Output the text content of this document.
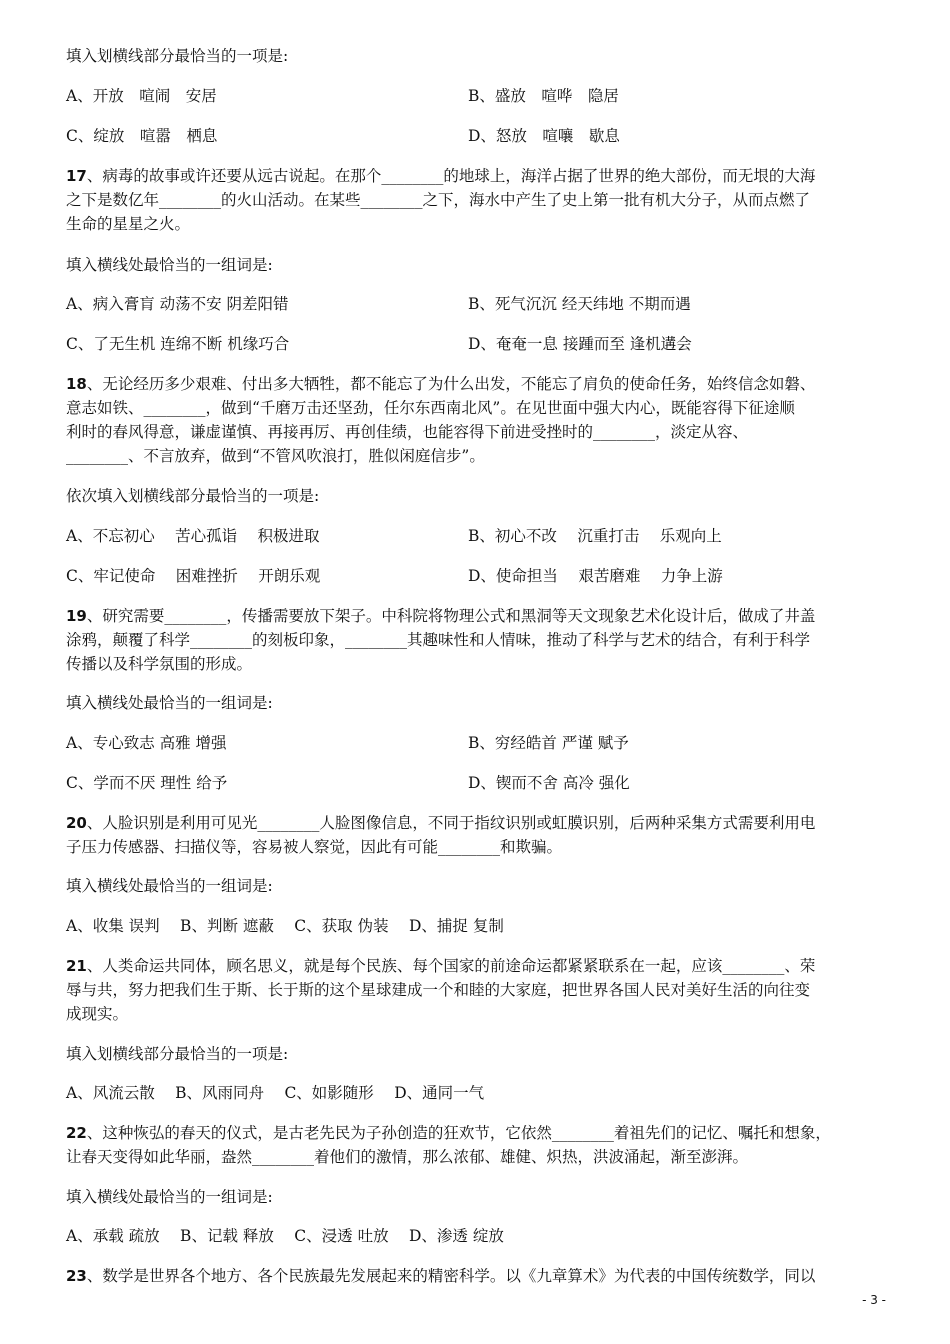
填入划横线部分最恰当的一项是:
A、开放　喧闹　安居	B、盛放　喧哗　隐居
C、绽放　喧嚣　栖息	D、怒放　喧嚷　歇息
17、病毒的故事或许还要从远古说起。在那个________的地球上，海洋占据了世界的绝大部份，而无垠的大海
之下是数亿年________的火山活动。在某些________之下，海水中产生了史上第一批有机大分子，从而点燃了
生命的星星之火。
填入横线处最恰当的一组词是:
A、病入膏肓 动荡不安 阴差阳错	B、死气沉沉 经天纬地 不期而遇
C、了无生机 连绵不断 机缘巧合	D、奄奄一息 接踵而至 逢机遘会
18、无论经历多少艰难、付出多大牺牲，都不能忘了为什么出发，不能忘了肩负的使命任务，始终信念如磐、
意志如铁、________，做到“千磨万击还坚劲，任尔东西南北风”。在见世面中强大内心，既能容得下征途顺
利时的春风得意，谦虚谨慎、再接再厉、再创佳绩，也能容得下前进受挫时的________，淡定从容、
________、不言放弃，做到“不管风吹浪打，胜似闲庭信步”。
依次填入划横线部分最恰当的一项是:
A、不忘初心　 苦心孤诣　 积极进取	B、初心不改　 沉重打击　 乐观向上
C、牢记使命　 困难挫折　 开朗乐观	D、使命担当　 艰苦磨难　 力争上游
19、研究需要________，传播需要放下架子。中科院将物理公式和黑洞等天文现象艺术化设计后，做成了井盖
涂鸦，颠覆了科学________的刻板印象，________其趣味性和人情味，推动了科学与艺术的结合，有利于科学
传播以及科学氛围的形成。
填入横线处最恰当的一组词是:
A、专心致志 高雅 增强	B、穷经皓首 严谨 赋予
C、学而不厌 理性 给予	D、锲而不舍 高冷 强化
20、人脸识别是利用可见光________人脸图像信息，不同于指纹识别或虹膜识别，后两种采集方式需要利用电
子压力传感器、扫描仪等，容易被人察觉，因此有可能________和欺骗。
填入横线处最恰当的一组词是:
A、收集 误判　 B、判断 遮蔽　 C、获取 伪装　 D、捕捉 复制
21、人类命运共同体，顾名思义，就是每个民族、每个国家的前途命运都紧紧联系在一起，应该________、荣
辱与共，努力把我们生于斯、长于斯的这个星球建成一个和睦的大家庭，把世界各国人民对美好生活的向往变
成现实。
填入划横线部分最恰当的一项是:
A、风流云散　 B、风雨同舟　 C、如影随形　 D、通同一气
22、这种恢弘的春天的仪式，是古老先民为子孙创造的狂欢节，它依然________着祖先们的记忆、嘱托和想象，
让春天变得如此华丽，盎然________着他们的激情，那么浓郁、雄健、炽热，洪波涌起，渐至澎湃。
填入横线处最恰当的一组词是:
A、承载 疏放　 B、记载 释放　 C、浸透 吐放　 D、渗透 绽放
23、数学是世界各个地方、各个民族最先发展起来的精密科学。以《九章算术》为代表的中国传统数学，同以
- 3 -
